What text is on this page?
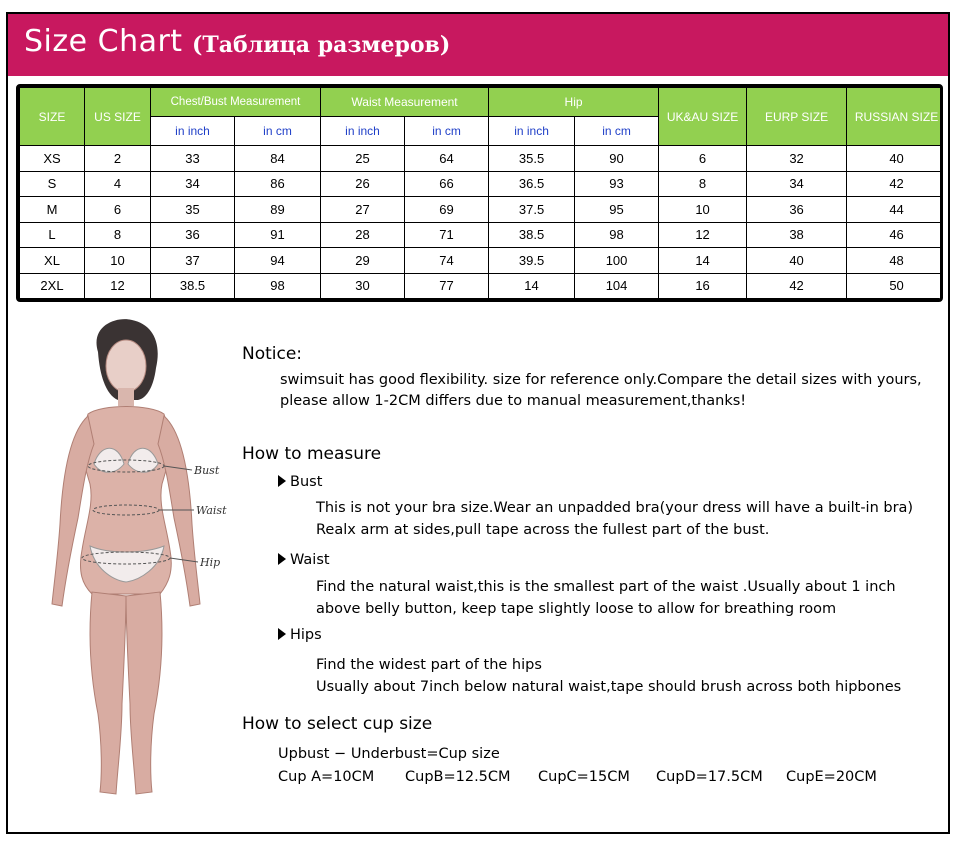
Size Chart (Таблица размеров)
SIZE	US SIZE	Chest/Bust Measurement		Waist Measurement		Hip		UK&AU SIZE	EURP SIZE	RUSSIAN SIZE
		in inch	in cm	in inch	in cm	in inch	in cm			
XS	2	33	84	25	64	35.5	90	6	32	40
S	4	34	86	26	66	36.5	93	8	34	42
M	6	35	89	27	69	37.5	95	10	36	44
L	8	36	91	28	71	38.5	98	12	38	46
XL	10	37	94	29	74	39.5	100	14	40	48
2XL	12	38.5	98	30	77	14	104	16	42	50
Bust
Waist
Hip
Notice:
swimsuit has good flexibility. size for reference only.Compare the detail sizes with yours,
please allow 1-2CM differs due to manual measurement,thanks!
How to measure
Bust
This is not your bra size.Wear an unpadded bra(your dress will have a built-in bra)
Realx arm at sides,pull tape across the fullest part of the bust.
Waist
Find the natural waist,this is the smallest part of the waist .Usually about 1 inch
above belly button, keep tape slightly loose to allow for breathing room
Hips
Find the widest part of the hips
Usually about 7inch below natural waist,tape should brush across both hipbones
How to select cup size
Upbust − Underbust=Cup size
Cup A=10CM CupB=12.5CM CupC=15CM CupD=17.5CM CupE=20CM
